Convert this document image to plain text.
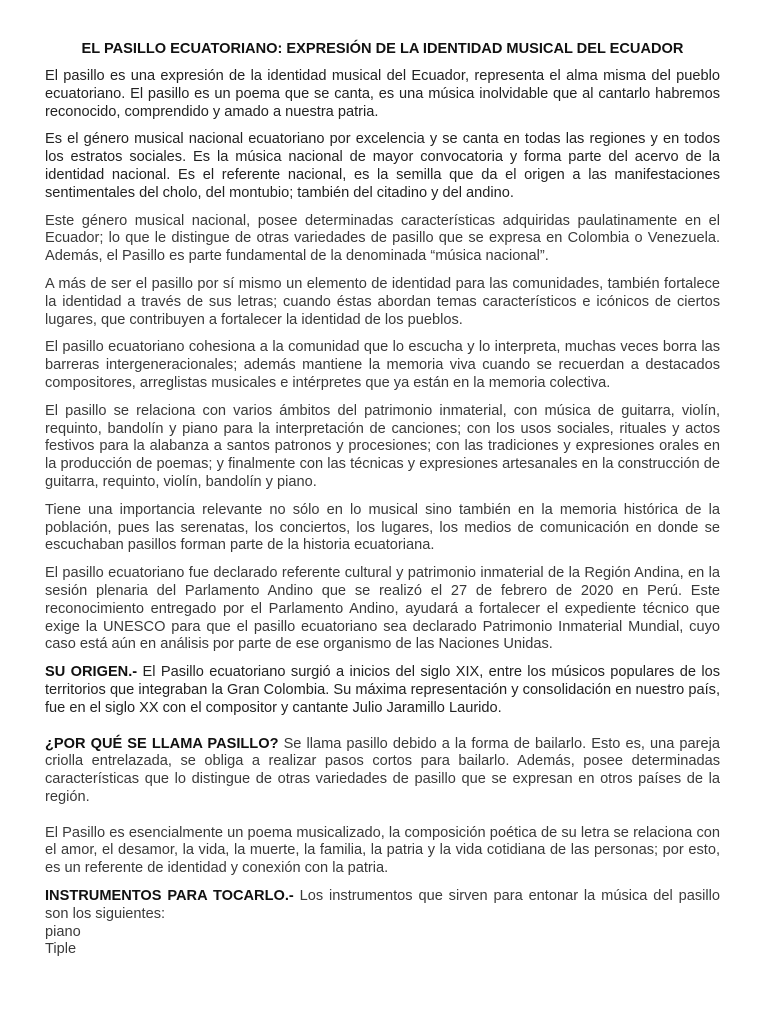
EL PASILLO ECUATORIANO: EXPRESIÓN DE LA IDENTIDAD MUSICAL DEL ECUADOR

El pasillo es una expresión de la identidad musical del Ecuador, representa el alma misma del pueblo ecuatoriano. El pasillo es un poema que se canta, es una música inolvidable que al cantarlo habremos reconocido, comprendido y amado a nuestra patria.

Es el género musical nacional ecuatoriano por excelencia y se canta en todas las regiones y en todos los estratos sociales. Es la música nacional de mayor convocatoria y forma parte del acervo de la identidad nacional. Es el referente nacional, es la semilla que da el origen a las manifestaciones sentimentales del cholo, del montubio; también del citadino y del andino.

Este género musical nacional, posee determinadas características adquiridas paulatinamente en el Ecuador; lo que le distingue de otras variedades de pasillo que se expresa en Colombia o Venezuela. Además, el Pasillo es parte fundamental de la denominada “música nacional”.

A más de ser el pasillo por sí mismo un elemento de identidad para las comunidades, también fortalece la identidad a través de sus letras; cuando éstas abordan temas característicos e icónicos de ciertos lugares, que contribuyen a fortalecer la identidad de los pueblos.

El pasillo ecuatoriano cohesiona a la comunidad que lo escucha y lo interpreta, muchas veces borra las barreras intergeneracionales; además mantiene la memoria viva cuando se recuerdan a destacados compositores, arreglistas musicales e intérpretes que ya están en la memoria colectiva.

El pasillo se relaciona con varios ámbitos del patrimonio inmaterial, con música de guitarra, violín, requinto, bandolín y piano para la interpretación de canciones; con los usos sociales, rituales y actos festivos para la alabanza a santos patronos y procesiones; con las tradiciones y expresiones orales en la producción de poemas; y finalmente con las técnicas y expresiones artesanales en la construcción de guitarra, requinto, violín, bandolín y piano.

Tiene una importancia relevante no sólo en lo musical sino también en la memoria histórica de la población, pues las serenatas, los conciertos, los lugares, los medios de comunicación en donde se escuchaban pasillos forman parte de la historia ecuatoriana.

El pasillo ecuatoriano fue declarado referente cultural y patrimonio inmaterial de la Región Andina, en la sesión plenaria del Parlamento Andino que se realizó el 27 de febrero de 2020 en Perú. Este reconocimiento entregado por el Parlamento Andino, ayudará a fortalecer el expediente técnico que exige la UNESCO para que el pasillo ecuatoriano sea declarado Patrimonio Inmaterial Mundial, cuyo caso está aún en análisis por parte de ese organismo de las Naciones Unidas.

SU ORIGEN.- El Pasillo ecuatoriano surgió a inicios del siglo XIX, entre los músicos populares de los territorios que integraban la Gran Colombia. Su máxima representación y consolidación en nuestro país, fue en el siglo XX con el compositor y cantante Julio Jaramillo Laurido.

¿POR QUÉ SE LLAMA PASILLO? Se llama pasillo debido a la forma de bailarlo. Esto es, una pareja criolla entrelazada, se obliga a realizar pasos cortos para bailarlo. Además, posee determinadas características que lo distingue de otras variedades de pasillo que se expresan en otros países de la región.

El Pasillo es esencialmente un poema musicalizado, la composición poética de su letra se relaciona con el amor, el desamor, la vida, la muerte, la familia, la patria y la vida cotidiana de las personas; por esto, es un referente de identidad y conexión con la patria.

INSTRUMENTOS PARA TOCARLO.- Los instrumentos que sirven para entonar la música del pasillo son los siguientes:
piano
Tiple
